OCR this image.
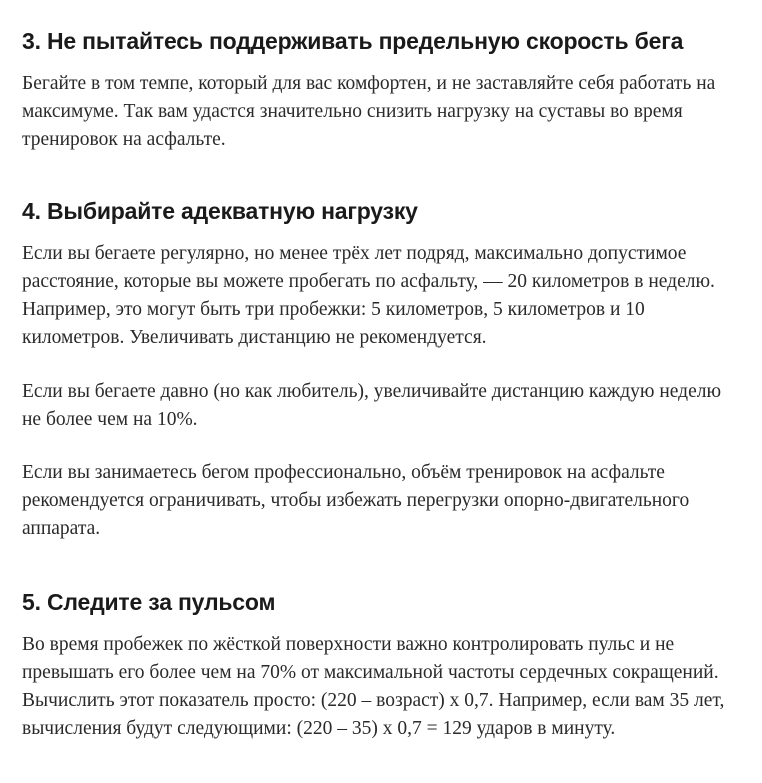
3. Не пытайтесь поддерживать предельную скорость бега

Бегайте в том темпе, который для вас комфортен, и не заставляйте себя работать на максимуме. Так вам удастся значительно снизить нагрузку на суставы во время тренировок на асфальте.

4. Выбирайте адекватную нагрузку

Если вы бегаете регулярно, но менее трёх лет подряд, максимально допустимое расстояние, которые вы можете пробегать по асфальту, — 20 километров в неделю. Например, это могут быть три пробежки: 5 километров, 5 километров и 10 километров. Увеличивать дистанцию не рекомендуется.

Если вы бегаете давно (но как любитель), увеличивайте дистанцию каждую неделю не более чем на 10%.

Если вы занимаетесь бегом профессионально, объём тренировок на асфальте рекомендуется ограничивать, чтобы избежать перегрузки опорно-двигательного аппарата.

5. Следите за пульсом

Во время пробежек по жёсткой поверхности важно контролировать пульс и не превышать его более чем на 70% от максимальной частоты сердечных сокращений. Вычислить этот показатель просто: (220 – возраст) х 0,7. Например, если вам 35 лет, вычисления будут следующими: (220 – 35) х 0,7 = 129 ударов в минуту.
